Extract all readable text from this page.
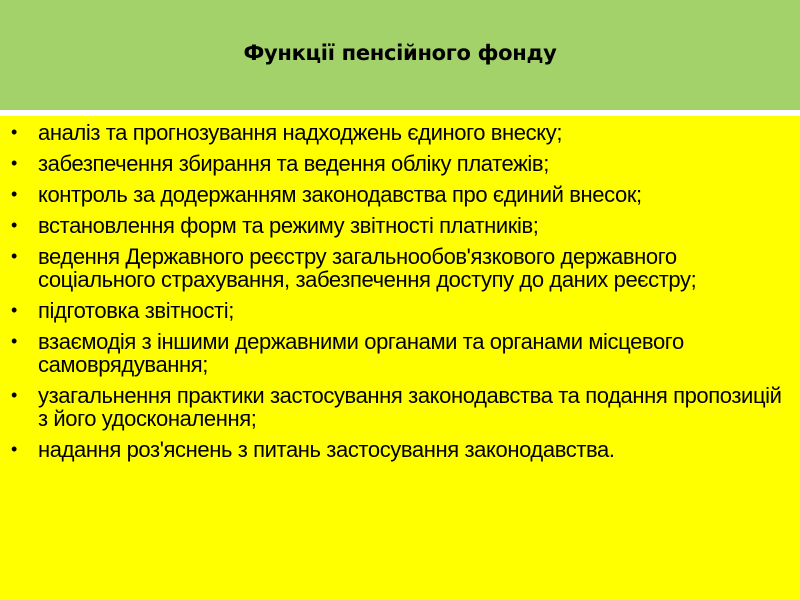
Функції пенсійного фонду
• аналіз та прогнозування надходжень єдиного внеску;
• забезпечення збирання та ведення обліку платежів;
• контроль за додержанням законодавства про єдиний внесок;
• встановлення форм та режиму звітності платників;
• ведення Державного реєстру загальнообов'язкового державного соціального страхування, забезпечення доступу до даних реєстру;
• підготовка звітності;
• взаємодія з іншими державними органами та органами місцевого самоврядування;
• узагальнення практики застосування законодавства та подання пропозицій з його удосконалення;
• надання роз'яснень з питань застосування законодавства.
